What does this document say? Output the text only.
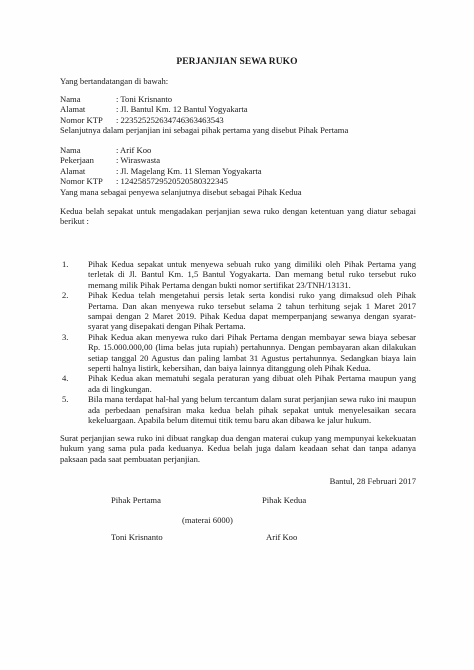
PERJANJIAN SEWA RUKO
Yang bertandatangan di bawah:
Nama	: Toni Krisnanto
Alamat	: Jl. Bantul Km. 12 Bantul Yogyakarta
Nomor KTP : 223525252634746363463543
Selanjutnya dalam perjanjian ini sebagai pihak pertama yang disebut Pihak Pertama
Nama	: Arif Koo
Pekerjaan	: Wiraswasta
Alamat	: Jl. Magelang Km. 11 Sleman Yogyakarta
Nomor KTP : 1242585729520520580322345
Yang mana sebagai penyewa selanjutnya disebut sebagai Pihak Kedua
Kedua belah sepakat untuk mengadakan perjanjian sewa ruko dengan ketentuan yang diatur sebagai berikut :
1. Pihak Kedua sepakat untuk menyewa sebuah ruko yang dimiliki oleh Pihak Pertama yang terletak di Jl. Bantul Km. 1,5 Bantul Yogyakarta. Dan memang betul ruko tersebut ruko memang milik Pihak Pertama dengan bukti nomor sertifikat 23/TNH/13131.
2. Pihak Kedua telah mengetahui persis letak serta kondisi ruko yang dimaksud oleh Pihak Pertama. Dan akan menyewa ruko tersebut selama 2 tahun terhitung sejak 1 Maret 2017 sampai dengan 2 Maret 2019. Pihak Kedua dapat memperpanjang sewanya dengan syarat-syarat yang disepakati dengan Pihak Pertama.
3. Pihak Kedua akan menyewa ruko dari Pihak Pertama dengan membayar sewa biaya sebesar Rp. 15.000.000,00 (lima belas juta rupiah) pertahunnya. Dengan pembayaran akan dilakukan setiap tanggal 20 Agustus dan paling lambat 31 Agustus pertahunnya. Sedangkan biaya lain seperti halnya listirk, kebersihan, dan baiya lainnya ditanggung oleh Pihak Kedua.
4. Pihak Kedua akan mematuhi segala peraturan yang dibuat oleh Pihak Pertama maupun yang ada di lingkungan.
5. Bila mana terdapat hal-hal yang belum tercantum dalam surat perjanjian sewa ruko ini maupun ada perbedaan penafsiran maka kedua belah pihak sepakat untuk menyelesaikan secara kekeluargaan. Apabila belum ditemui titik temu baru akan dibawa ke jalur hukum.
Surat perjanjian sewa ruko ini dibuat rangkap dua dengan materai cukup yang mempunyai kekekuatan hukum yang sama pula pada keduanya. Kedua belah juga dalam keadaan sehat dan tanpa adanya paksaan pada saat pembuatan perjanjian.
Bantul, 28 Februari 2017
Pihak Pertama	Pihak Kedua
(materai 6000)
Toni Krisnanto	Arif Koo
